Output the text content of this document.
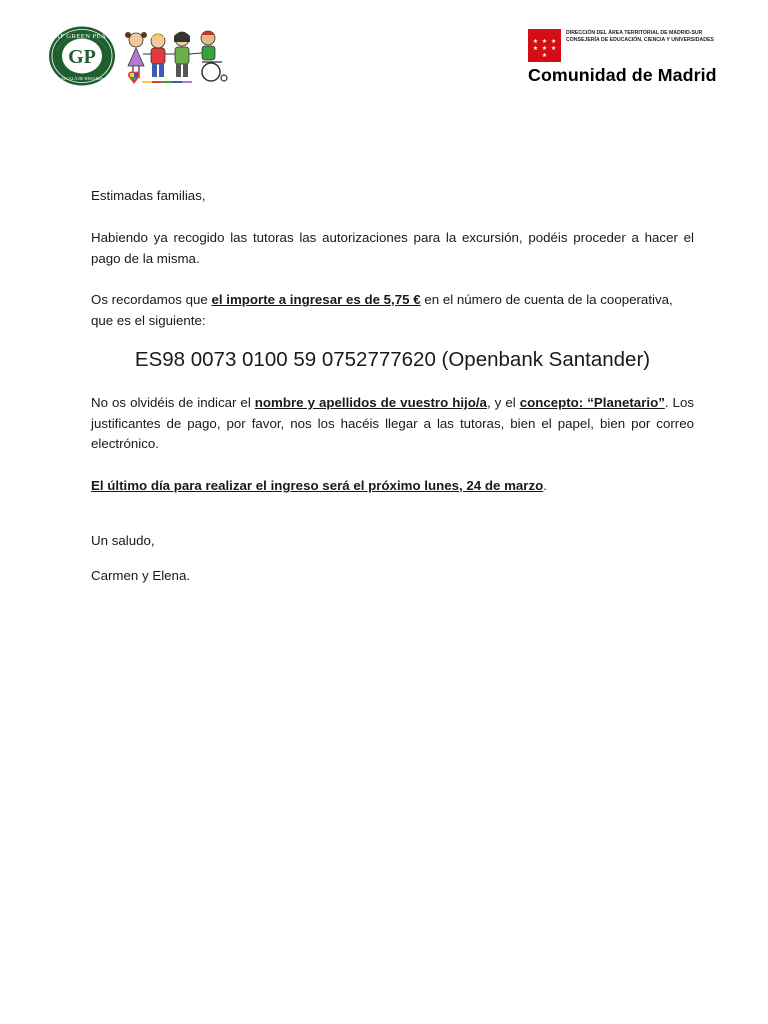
GP
CEIP GREEN PEACE
ALCALÁ DE HENARES
★ ★ ★ ★ ★ ★ ★
DIRECCIÓN DEL ÁREA TERRITORIAL DE MADRID-SUR
CONSEJERÍA DE EDUCACIÓN, CIENCIA Y UNIVERSIDADES
Comunidad de Madrid
Estimadas familias,
Habiendo ya recogido las tutoras las autorizaciones para la excursión, podéis proceder a hacer el pago de la misma.
Os recordamos que el importe a ingresar es de 5,75 € en el número de cuenta de la cooperativa, que es el siguiente:
ES98 0073 0100 59 0752777620 (Openbank Santander)
No os olvidéis de indicar el nombre y apellidos de vuestro hijo/a, y el concepto: “Planetario”. Los justificantes de pago, por favor, nos los hacéis llegar a las tutoras, bien el papel, bien por correo electrónico.
El último día para realizar el ingreso será el próximo lunes, 24 de marzo.
Un saludo,
Carmen y Elena.
